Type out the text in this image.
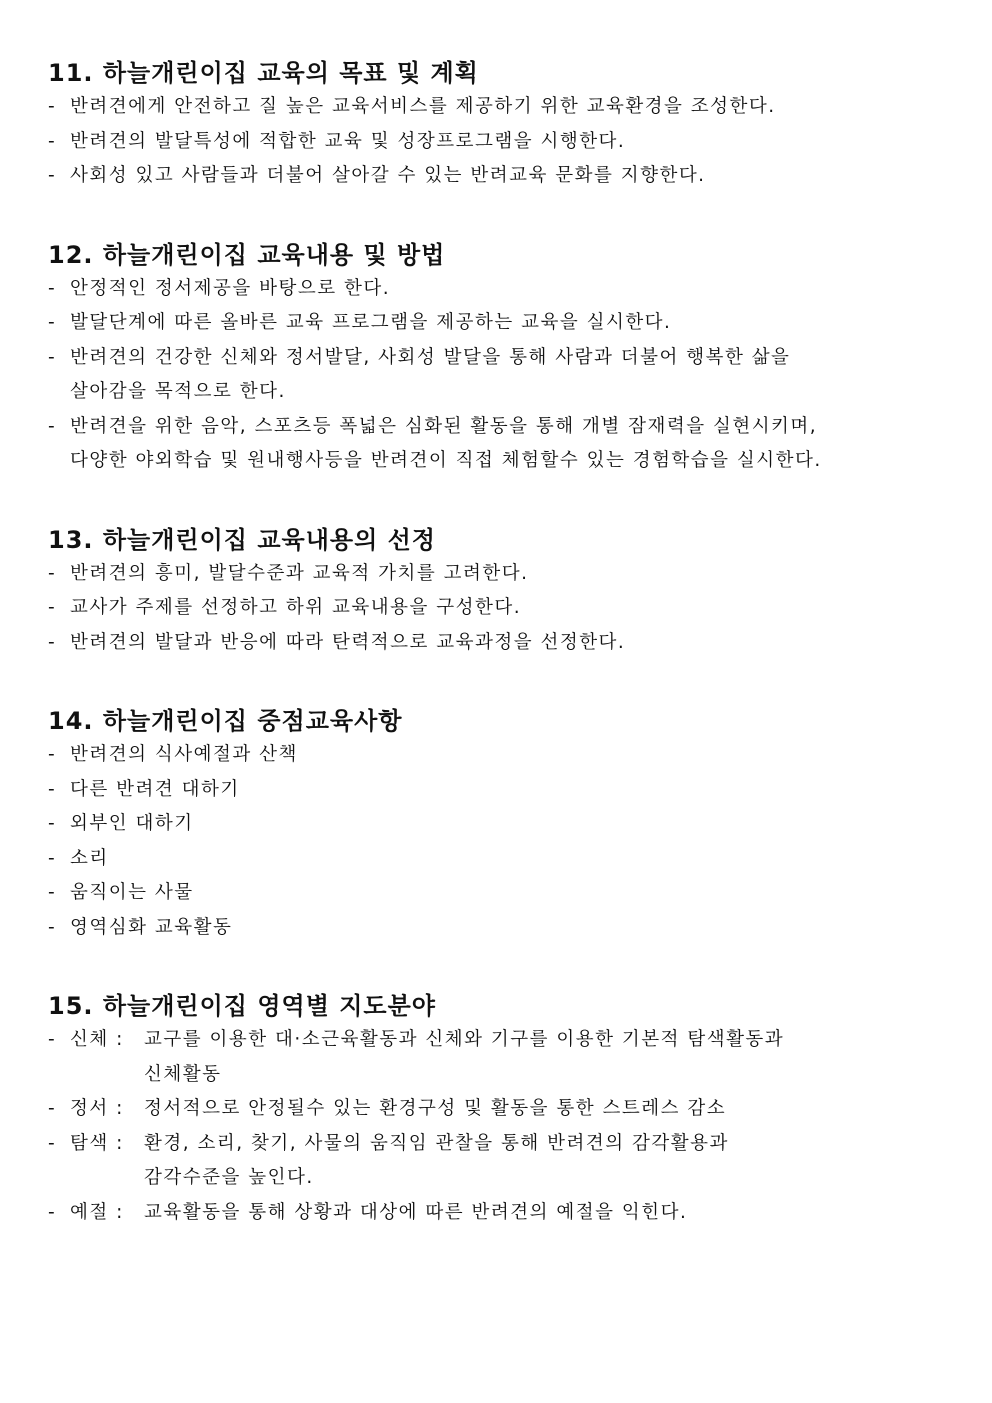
11. 하늘개린이집 교육의 목표 및 계획
- 반려견에게 안전하고 질 높은 교육서비스를 제공하기 위한 교육환경을 조성한다.
- 반려견의 발달특성에 적합한 교육 및 성장프로그램을 시행한다.
- 사회성 있고 사람들과 더불어 살아갈 수 있는 반려교육 문화를 지향한다.
12. 하늘개린이집 교육내용 및 방법
- 안정적인 정서제공을 바탕으로 한다.
- 발달단계에 따른 올바른 교육 프로그램을 제공하는 교육을 실시한다.
- 반려견의 건강한 신체와 정서발달, 사회성 발달을 통해 사람과 더불어 행복한 삶을
살아감을 목적으로 한다.
- 반려견을 위한 음악, 스포츠등 폭넓은 심화된 활동을 통해 개별 잠재력을 실현시키며,
다양한 야외학습 및 원내행사등을 반려견이 직접 체험할수 있는 경험학습을 실시한다.
13. 하늘개린이집 교육내용의 선정
- 반려견의 흥미, 발달수준과 교육적 가치를 고려한다.
- 교사가 주제를 선정하고 하위 교육내용을 구성한다.
- 반려견의 발달과 반응에 따라 탄력적으로 교육과정을 선정한다.
14. 하늘개린이집 중점교육사항
- 반려견의 식사예절과 산책
- 다른 반려견 대하기
- 외부인 대하기
- 소리
- 움직이는 사물
- 영역심화 교육활동
15. 하늘개린이집 영역별 지도분야
- 신체 : 교구를 이용한 대·소근육활동과 신체와 기구를 이용한 기본적 탐색활동과
신체활동
- 정서 : 정서적으로 안정될수 있는 환경구성 및 활동을 통한 스트레스 감소
- 탐색 : 환경, 소리, 찾기, 사물의 움직임 관찰을 통해 반려견의 감각활용과
감각수준을 높인다.
- 예절 : 교육활동을 통해 상황과 대상에 따른 반려견의 예절을 익힌다.
